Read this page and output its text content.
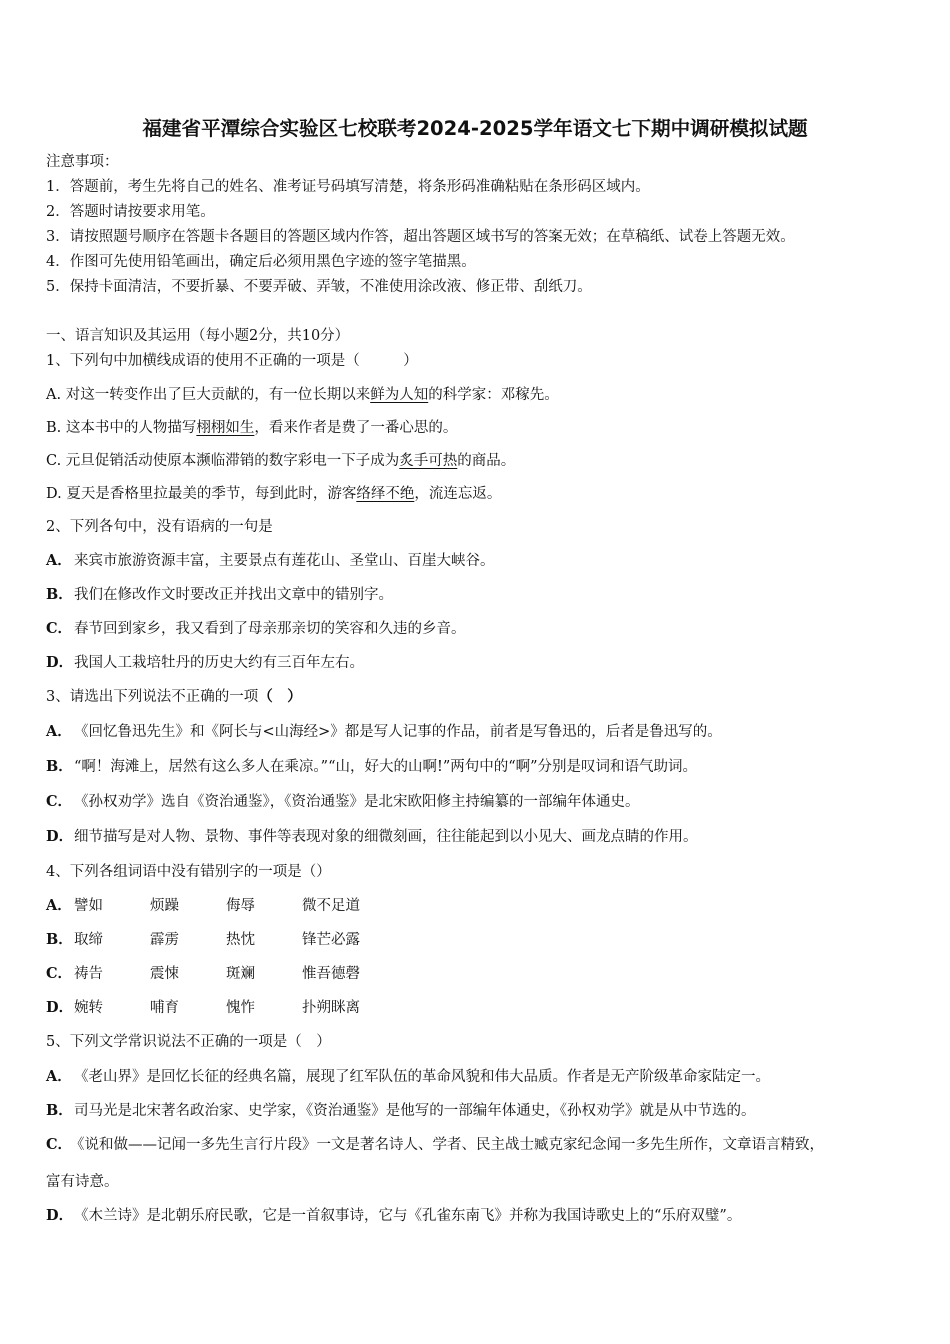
福建省平潭综合实验区七校联考2024-2025学年语文七下期中调研模拟试题
注意事项：
1．答题前，考生先将自己的姓名、准考证号码填写清楚，将条形码准确粘贴在条形码区域内。
2．答题时请按要求用笔。
3．请按照题号顺序在答题卡各题目的答题区域内作答，超出答题区域书写的答案无效；在草稿纸、试卷上答题无效。
4．作图可先使用铅笔画出，确定后必须用黑色字迹的签字笔描黑。
5．保持卡面清洁，不要折暴、不要弄破、弄皱，不准使用涂改液、修正带、刮纸刀。
一、语言知识及其运用（每小题2分，共10分）
1、下列句中加横线成语的使用不正确的一项是（　　　）
A. 对这一转变作出了巨大贡献的，有一位长期以来鲜为人知的科学家：邓稼先。
B. 这本书中的人物描写栩栩如生，看来作者是费了一番心思的。
C. 元旦促销活动使原本濒临滞销的数字彩电一下子成为炙手可热的商品。
D. 夏天是香格里拉最美的季节，每到此时，游客络绎不绝，流连忘返。
2、下列各句中，没有语病的一句是
A． 来宾市旅游资源丰富，主要景点有莲花山、圣堂山、百崖大峡谷。
B．我们在修改作文时要改正并找出文章中的错别字。
C． 春节回到家乡，我又看到了母亲那亲切的笑容和久违的乡音。
D．我国人工栽培牡丹的历史大约有三百年左右。
3、请选出下列说法不正确的一项（　）
A． 《回忆鲁迅先生》和《阿长与<山海经>》都是写人记事的作品，前者是写鲁迅的，后者是鲁迅写的。
B．“啊！海滩上，居然有这么多人在乘凉。”“山，好大的山啊!”两句中的“啊”分别是叹词和语气助词。
C． 《孙权劝学》选自《资治通鉴》，《资治通鉴》是北宋欧阳修主持编纂的一部编年体通史。
D．细节描写是对人物、景物、事件等表现对象的细微刻画，往往能起到以小见大、画龙点睛的作用。
4、下列各组词语中没有错别字的一项是（）
A． 譬如	烦躁	侮辱	微不足道
B．取缔	霹雳	热忱	锋芒必露
C． 祷告	震悚	斑斓	惟吾德磬
D．婉转	哺育	愧怍	扑朔眯离
5、下列文学常识说法不正确的一项是（　）
A． 《老山界》是回忆长征的经典名篇，展现了红军队伍的革命风貌和伟大品质。作者是无产阶级革命家陆定一。
B．司马光是北宋著名政治家、史学家，《资治通鉴》是他写的一部编年体通史，《孙权劝学》就是从中节选的。
C．《说和做——记闻一多先生言行片段》一文是著名诗人、学者、民主战士臧克家纪念闻一多先生所作，文章语言精致，
富有诗意。
D．《木兰诗》是北朝乐府民歌，它是一首叙事诗，它与《孔雀东南飞》并称为我国诗歌史上的“乐府双璧”。
